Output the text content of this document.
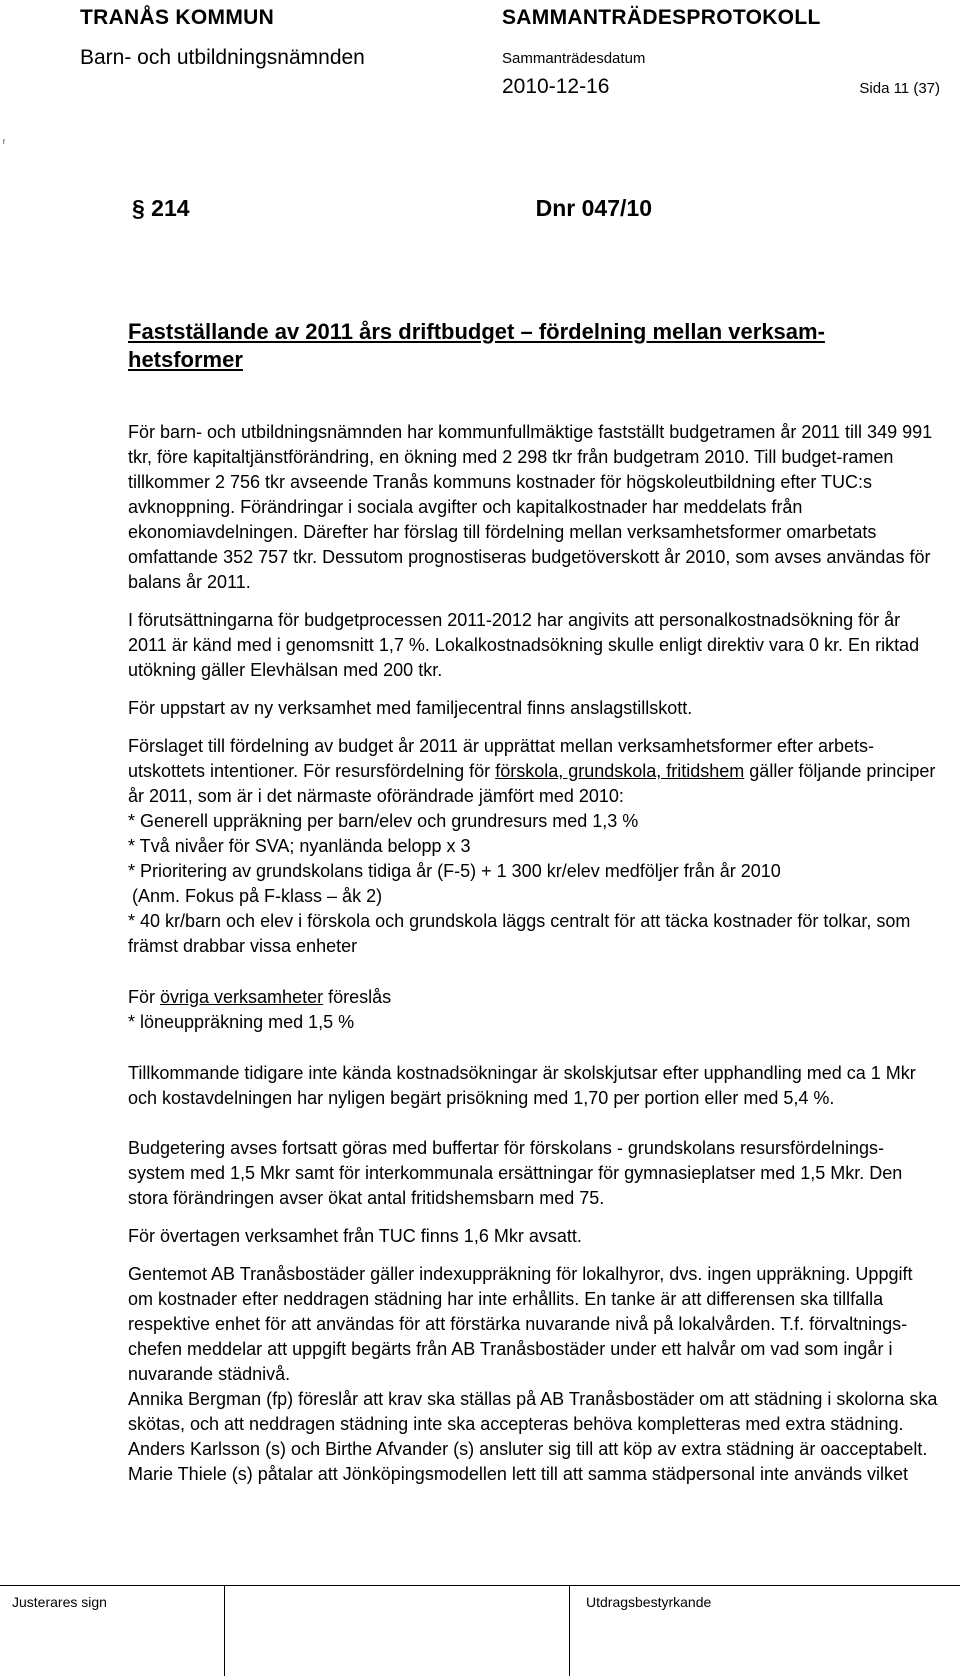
TRANÅS KOMMUN
Barn- och utbildningsnämnden
SAMMANTRÄDESPROTOKOLL
Sammanträdesdatum
2010-12-16	Sida 11 (37)
f
§ 214	Dnr 047/10
Fastställande av 2011 års driftbudget – fördelning mellan verksam-hetsformer

För barn- och utbildningsnämnden har kommunfullmäktige fastställt budgetramen år 2011 till 349 991 tkr, före kapitaltjänstförändring, en ökning med 2 298 tkr från budgetram 2010. Till budget-ramen tillkommer 2 756 tkr avseende Tranås kommuns kostnader för högskoleutbildning efter TUC:s avknoppning. Förändringar i sociala avgifter och kapitalkostnader har meddelats från ekonomiavdelningen. Därefter har förslag till fördelning mellan verksamhetsformer omarbetats omfattande 352 757 tkr. Dessutom prognostiseras budgetöverskott år 2010, som avses användas för balans år 2011.

I förutsättningarna för budgetprocessen 2011-2012 har angivits att personalkostnadsökning för år 2011 är känd med i genomsnitt 1,7 %. Lokalkostnadsökning skulle enligt direktiv vara 0 kr. En riktad utökning gäller Elevhälsan med 200 tkr.

För uppstart av ny verksamhet med familjecentral finns anslagstillskott.

Förslaget till fördelning av budget år 2011 är upprättat mellan verksamhetsformer efter arbets-utskottets intentioner. För resursfördelning för förskola, grundskola, fritidshem gäller följande principer år 2011, som är i det närmaste oförändrade jämfört med 2010:

* Generell uppräkning per barn/elev och grundresurs med 1,3 %
* Två nivåer för SVA; nyanlända belopp x 3
* Prioritering av grundskolans tidiga år (F-5) + 1 300 kr/elev medföljer från år 2010
(Anm. Fokus på F-klass – åk 2)
* 40 kr/barn och elev i förskola och grundskola läggs centralt för att täcka kostnader för tolkar, som främst drabbar vissa enheter

För övriga verksamheter föreslås

* löneuppräkning med 1,5 %

Tillkommande tidigare inte kända kostnadsökningar är skolskjutsar efter upphandling med ca 1 Mkr och kostavdelningen har nyligen begärt prisökning med 1,70 per portion eller med 5,4 %.

Budgetering avses fortsatt göras med buffertar för förskolans - grundskolans resursfördelnings-system med 1,5 Mkr samt för interkommunala ersättningar för gymnasieplatser med 1,5 Mkr. Den stora förändringen avser ökat antal fritidshemsbarn med 75.

För övertagen verksamhet från TUC finns 1,6 Mkr avsatt.

Gentemot AB Tranåsbostäder gäller indexuppräkning för lokalhyror, dvs. ingen uppräkning. Uppgift om kostnader efter neddragen städning har inte erhållits. En tanke är att differensen ska tillfalla respektive enhet för att användas för att förstärka nuvarande nivå på lokalvården. T.f. förvaltnings-chefen meddelar att uppgift begärts från AB Tranåsbostäder under ett halvår om vad som ingår i nuvarande städnivå.

Annika Bergman (fp) föreslår att krav ska ställas på AB Tranåsbostäder om att städning i skolorna ska skötas, och att neddragen städning inte ska accepteras behöva kompletteras med extra städning. Anders Karlsson (s) och Birthe Afvander (s) ansluter sig till att köp av extra städning är oacceptabelt.

Marie Thiele (s) påtalar att Jönköpingsmodellen lett till att samma städpersonal inte används vilket

Justerares sign	Utdragsbestyrkande
